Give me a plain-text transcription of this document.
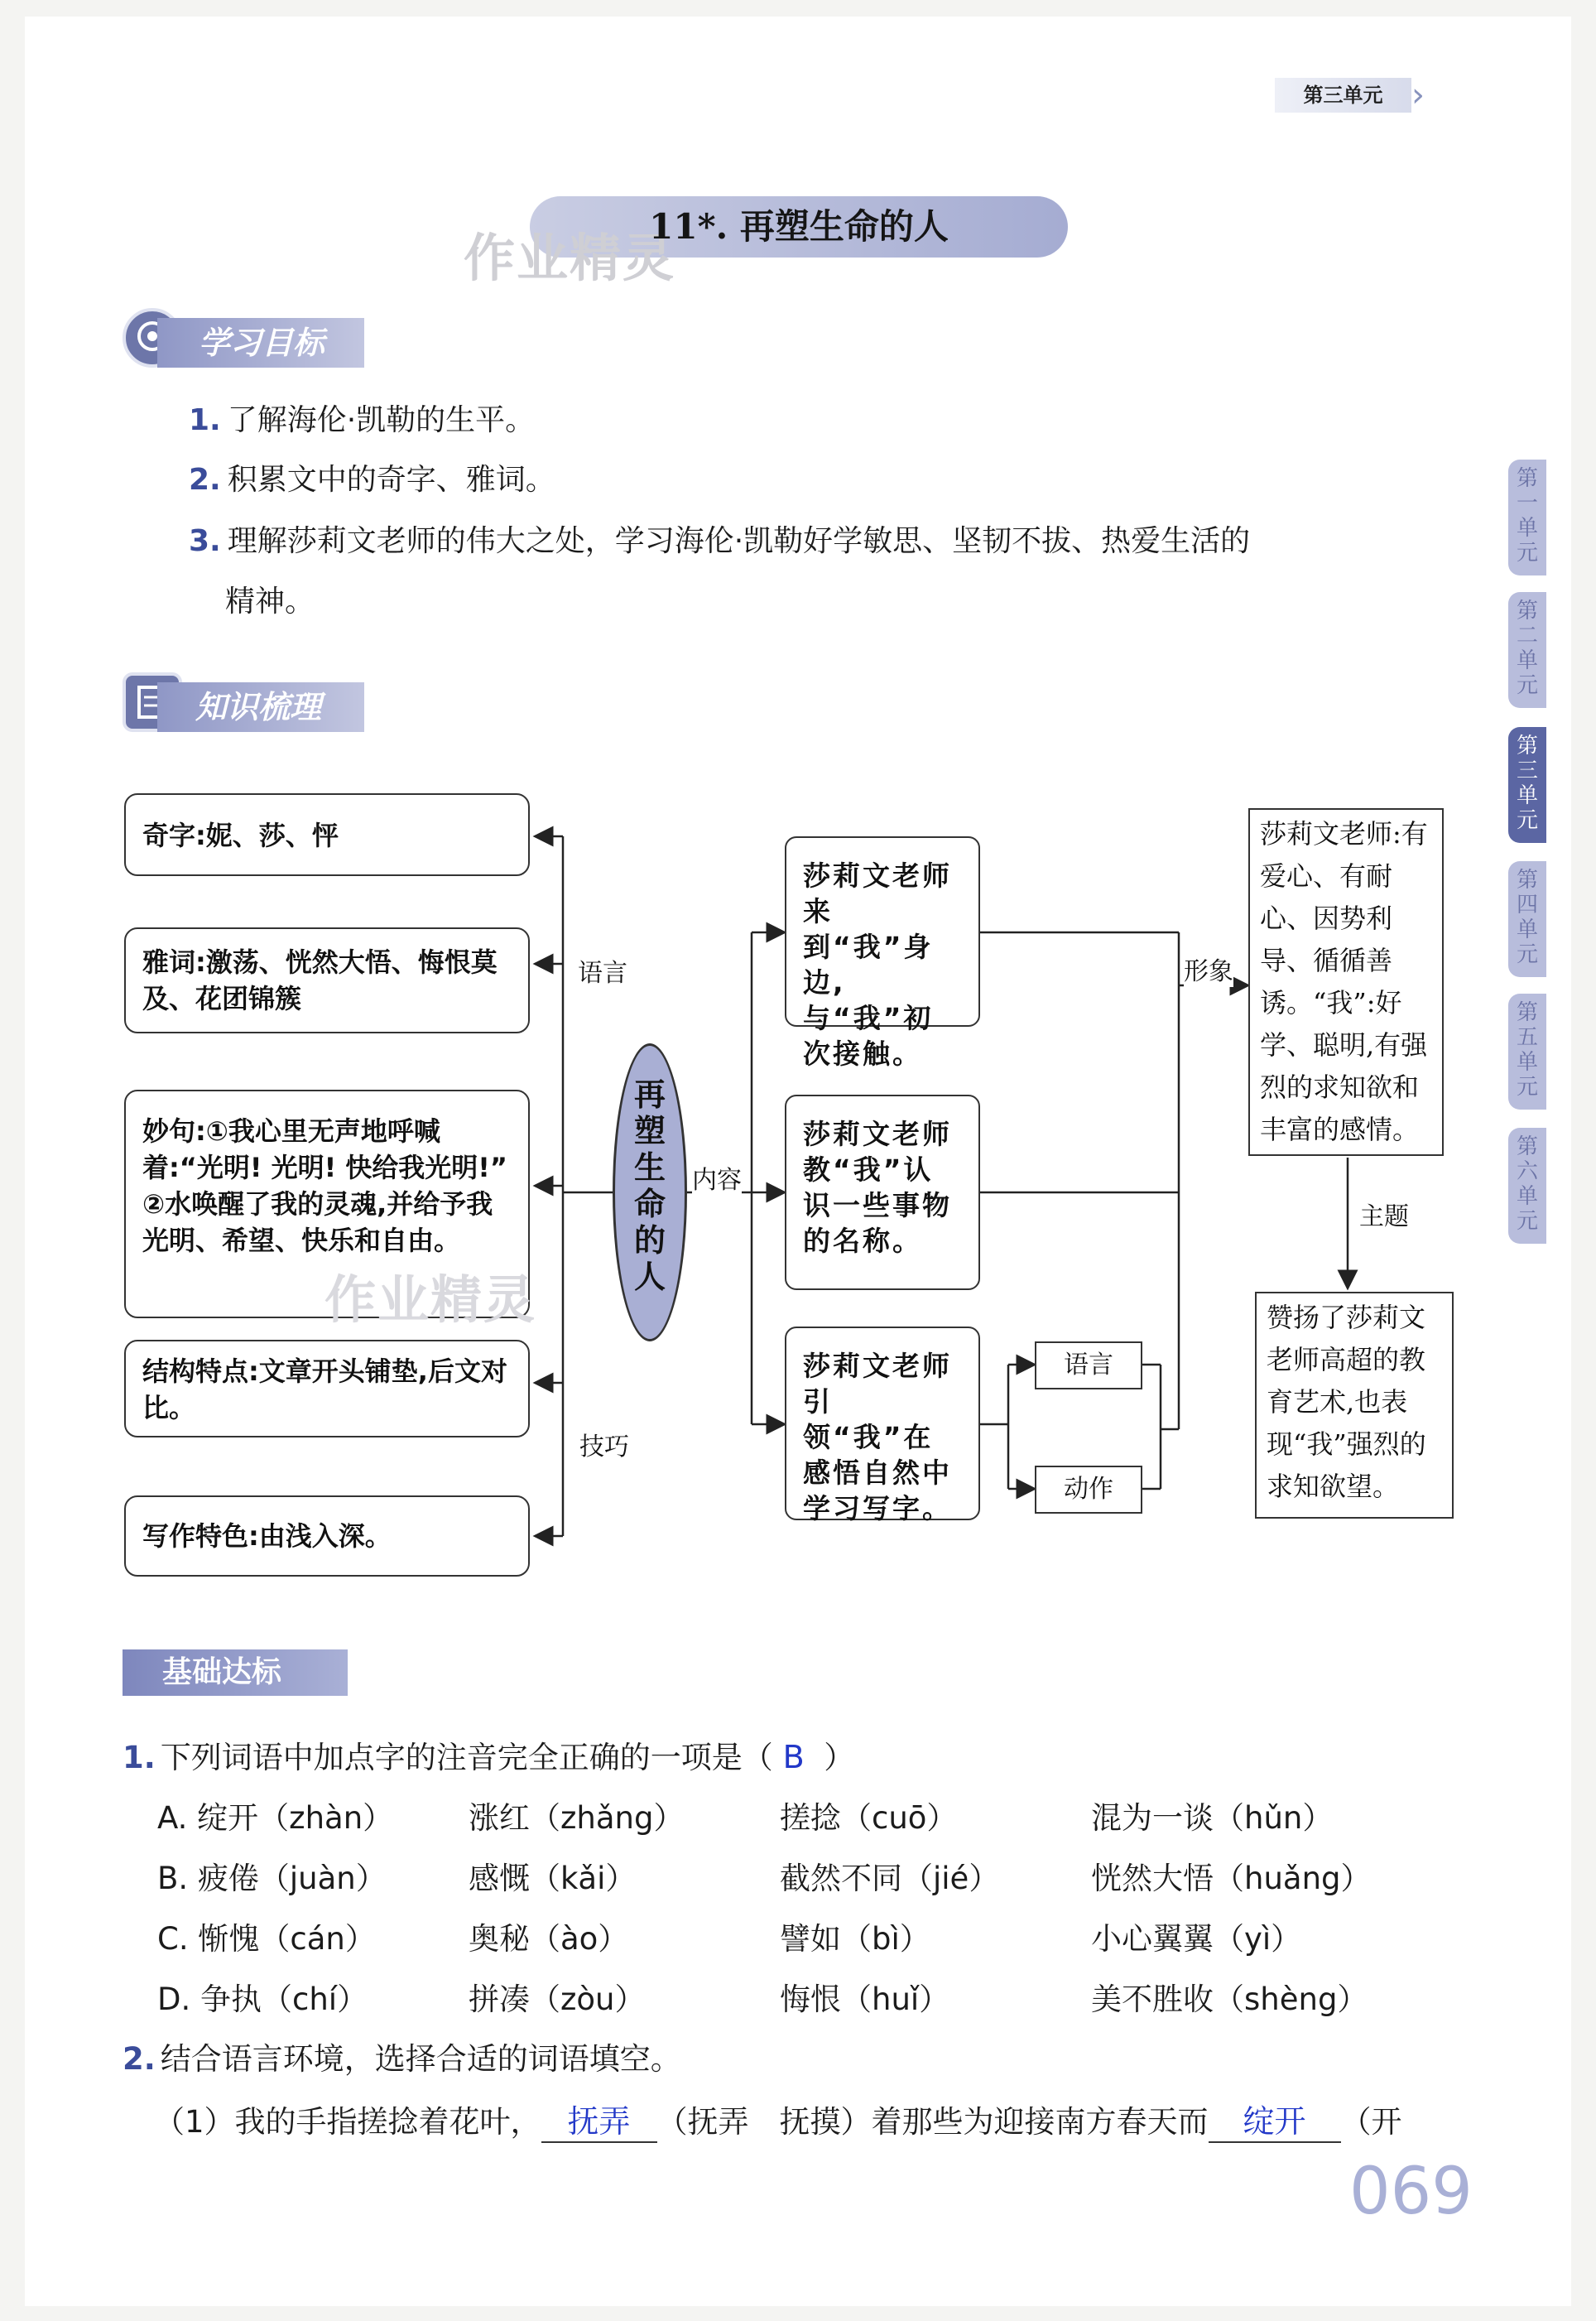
第三单元 ›
作业精灵
11*. 再塑生命的人
第一单元
第二单元
第三单元
第四单元
第五单元
第六单元
学习目标
1. 了解海伦·凯勒的生平。
2. 积累文中的奇字、雅词。
3. 理解莎莉文老师的伟大之处，学习海伦·凯勒好学敏思、坚韧不拔、热爱生活的
精神。
知识梳理
奇字:妮、莎、怦
雅词:激荡、恍然大悟、悔恨莫及、花团锦簇
妙句:①我心里无声地呼喊着:“光明! 光明! 快给我光明!” ②水唤醒了我的灵魂,并给予我光明、希望、快乐和自由。
结构特点:文章开头铺垫,后文对比。
写作特色:由浅入深。
语言
技巧
内容
形象
主题
再塑生命的人
作业精灵
莎莉文老师来到“我”身边,与“我”初次接触。
莎莉文老师教“我”认识一些事物的名称。
莎莉文老师引领“我”在感悟自然中学习写字。
语言
动作
莎莉文老师:有爱心、有耐心、因势利导、循循善诱。“我”:好学、聪明,有强烈的求知欲和丰富的感情。
赞扬了莎莉文老师高超的教育艺术,也表现“我”强烈的求知欲望。
基础达标
1. 下列词语中加点字的注音完全正确的一项是（ B ）
A. 绽开（zhàn） 涨红（zhǎng）	搓捻（cuō）	混为一谈（hǔn）
B. 疲倦（juàn）	感慨（kǎi）	截然不同（jié）	恍然大悟（huǎng）
C. 惭愧（cán）	奥秘（ào）	譬如（bì）	小心翼翼（yì）
D. 争执（chí）	拼凑（zòu）	悔恨（huǐ）	美不胜收（shèng）
2. 结合语言环境，选择合适的词语填空。
（1）我的手指搓捻着花叶， 抚弄 （抚弄　抚摸）着那些为迎接南方春天而 绽开 （开
069
